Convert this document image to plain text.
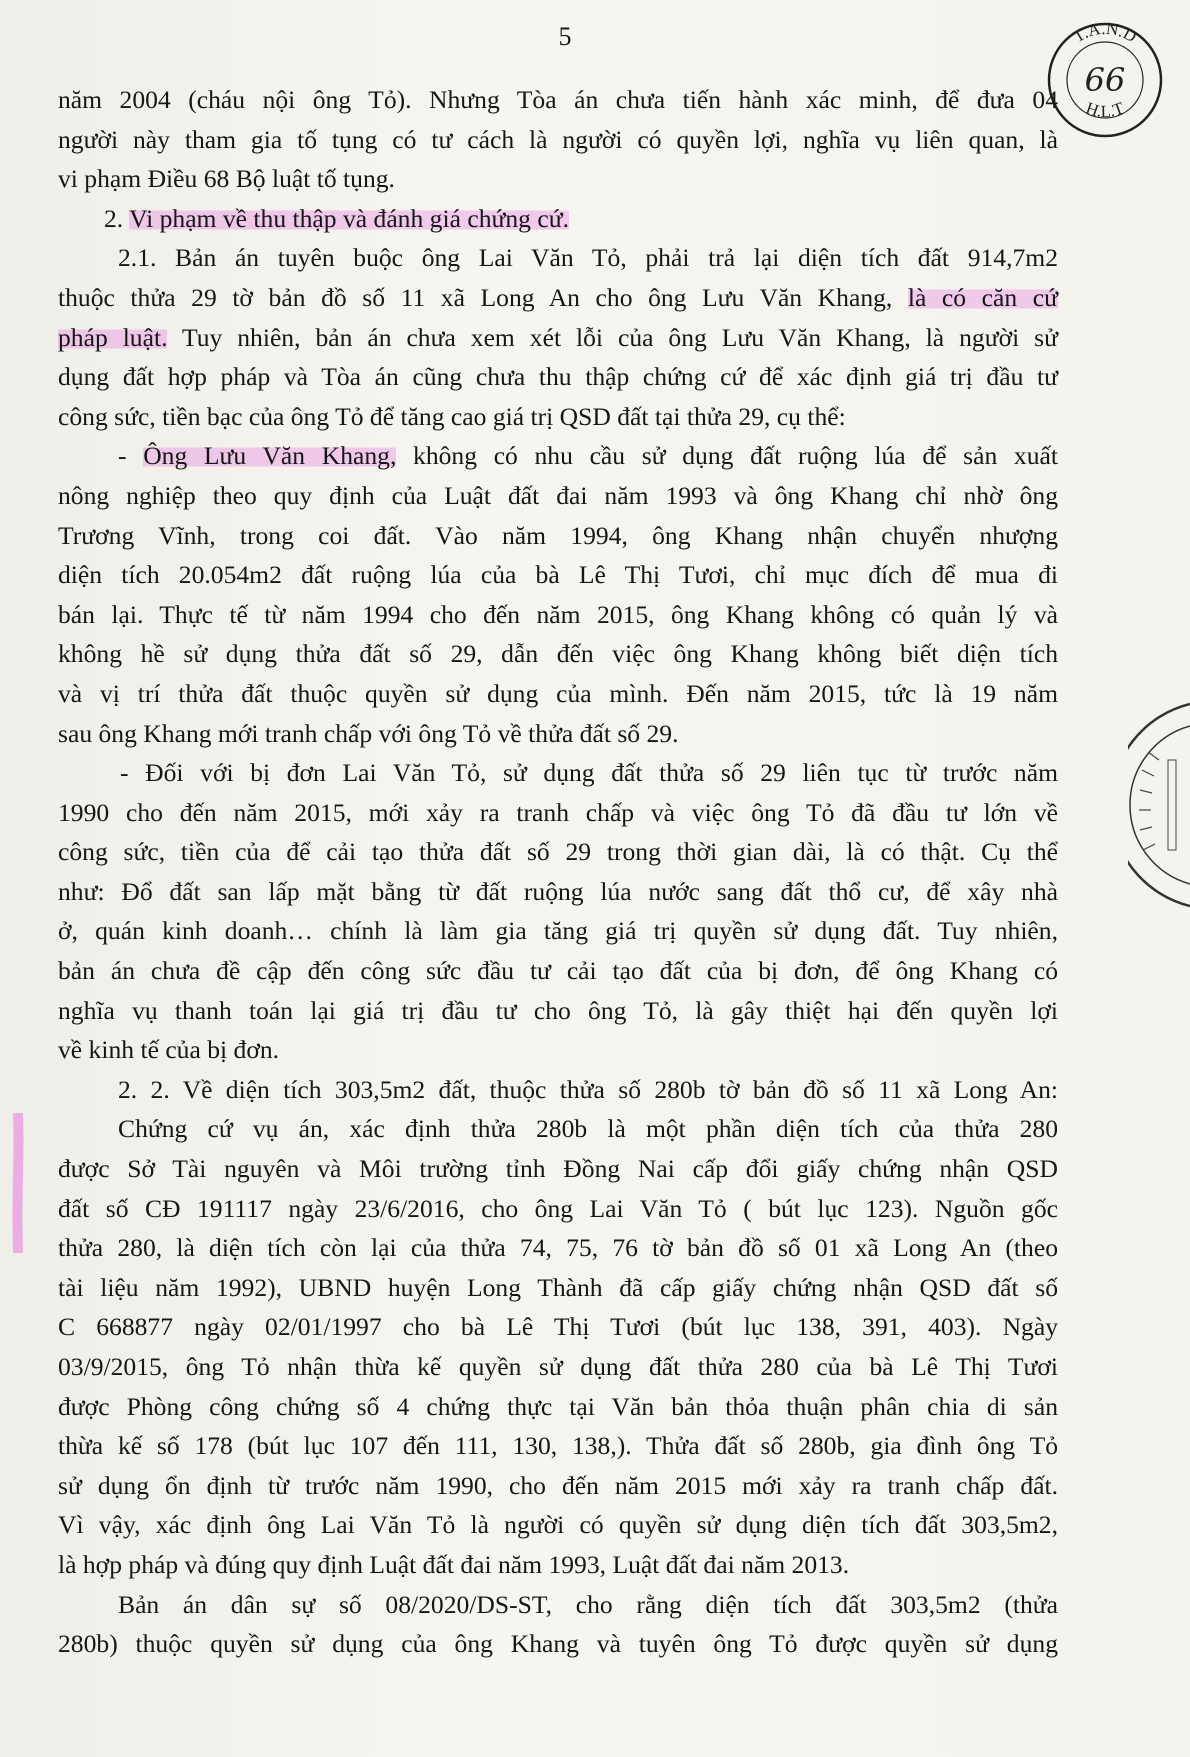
5	T.A.N.D
H.L.T
66
năm 2004 (cháu nội ông Tỏ). Nhưng Tòa án chưa tiến hành xác minh, để đưa 04
người này tham gia tố tụng có tư cách là người có quyền lợi, nghĩa vụ liên quan, là
vi phạm Điều 68 Bộ luật tố tụng.
2. Vi phạm về thu thập và đánh giá chứng cứ.
2.1. Bản án tuyên buộc ông Lai Văn Tỏ, phải trả lại diện tích đất 914,7m2
thuộc thửa 29 tờ bản đồ số 11 xã Long An cho ông Lưu Văn Khang, là có căn cứ
pháp luật. Tuy nhiên, bản án chưa xem xét lỗi của ông Lưu Văn Khang, là người sử
dụng đất hợp pháp và Tòa án cũng chưa thu thập chứng cứ để xác định giá trị đầu tư
công sức, tiền bạc của ông Tỏ để tăng cao giá trị QSD đất tại thửa 29, cụ thể:
- Ông Lưu Văn Khang, không có nhu cầu sử dụng đất ruộng lúa để sản xuất
nông nghiệp theo quy định của Luật đất đai năm 1993 và ông Khang chỉ nhờ ông
Trương Vĩnh, trong coi đất. Vào năm 1994, ông Khang nhận chuyển nhượng
diện tích 20.054m2 đất ruộng lúa của bà Lê Thị Tươi, chỉ mục đích để mua đi
bán lại. Thực tế từ năm 1994 cho đến năm 2015, ông Khang không có quản lý và
không hề sử dụng thửa đất số 29, dẫn đến việc ông Khang không biết diện tích
và vị trí thửa đất thuộc quyền sử dụng của mình. Đến năm 2015, tức là 19 năm
sau ông Khang mới tranh chấp với ông Tỏ về thửa đất số 29.
- Đối với bị đơn Lai Văn Tỏ, sử dụng đất thửa số 29 liên tục từ trước năm
1990 cho đến năm 2015, mới xảy ra tranh chấp và việc ông Tỏ đã đầu tư lớn về
công sức, tiền của để cải tạo thửa đất số 29 trong thời gian dài, là có thật. Cụ thể
như: Đổ đất san lấp mặt bằng từ đất ruộng lúa nước sang đất thổ cư, để xây nhà
ở, quán kinh doanh… chính là làm gia tăng giá trị quyền sử dụng đất. Tuy nhiên,
bản án chưa đề cập đến công sức đầu tư cải tạo đất của bị đơn, để ông Khang có
nghĩa vụ thanh toán lại giá trị đầu tư cho ông Tỏ, là gây thiệt hại đến quyền lợi
về kinh tế của bị đơn.
2. 2. Về diện tích 303,5m2 đất, thuộc thửa số 280b tờ bản đồ số 11 xã Long An:
Chứng cứ vụ án, xác định thửa 280b là một phần diện tích của thửa 280
được Sở Tài nguyên và Môi trường tỉnh Đồng Nai cấp đổi giấy chứng nhận QSD
đất số CĐ 191117 ngày 23/6/2016, cho ông Lai Văn Tỏ ( bút lục 123). Nguồn gốc
thửa 280, là diện tích còn lại của thửa 74, 75, 76 tờ bản đồ số 01 xã Long An (theo
tài liệu năm 1992), UBND huyện Long Thành đã cấp giấy chứng nhận QSD đất số
C 668877 ngày 02/01/1997 cho bà Lê Thị Tươi (bút lục 138, 391, 403). Ngày
03/9/2015, ông Tỏ nhận thừa kế quyền sử dụng đất thửa 280 của bà Lê Thị Tươi
được Phòng công chứng số 4 chứng thực tại Văn bản thỏa thuận phân chia di sản
thừa kế số 178 (bút lục 107 đến 111, 130, 138,). Thửa đất số 280b, gia đình ông Tỏ
sử dụng ổn định từ trước năm 1990, cho đến năm 2015 mới xảy ra tranh chấp đất.
Vì vậy, xác định ông Lai Văn Tỏ là người có quyền sử dụng diện tích đất 303,5m2,
là hợp pháp và đúng quy định Luật đất đai năm 1993, Luật đất đai năm 2013.
Bản án dân sự số 08/2020/DS-ST, cho rằng diện tích đất 303,5m2 (thửa
280b) thuộc quyền sử dụng của ông Khang và tuyên ông Tỏ được quyền sử dụng
